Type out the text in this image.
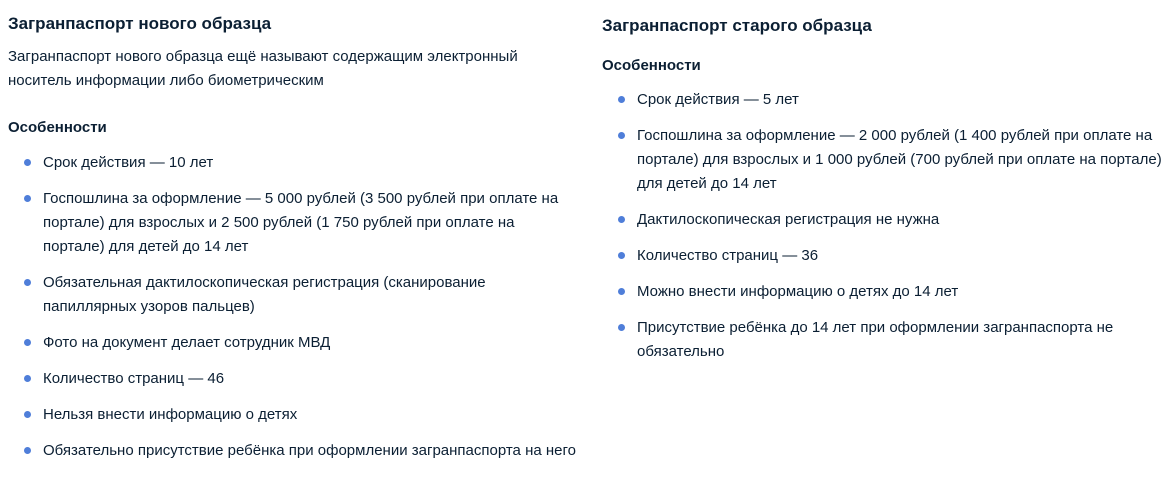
Загранпаспорт нового образца

Загранпаспорт нового образца ещё называют содержащим электронный носитель информации либо биометрическим

Особенности
Срок действия — 10 лет
Госпошлина за оформление — 5 000 рублей (3 500 рублей при оплате на портале) для взрослых и 2 500 рублей (1 750 рублей при оплате на портале) для детей до 14 лет
Обязательная дактилоскопическая регистрация (сканирование папиллярных узоров пальцев)
Фото на документ делает сотрудник МВД
Количество страниц — 46
Нельзя внести информацию о детях
Обязательно присутствие ребёнка при оформлении загранпаспорта на него
Загранпаспорт старого образца
Особенности
Срок действия — 5 лет
Госпошлина за оформление — 2 000 рублей (1 400 рублей при оплате на портале) для взрослых и 1 000 рублей (700 рублей при оплате на портале) для детей до 14 лет
Дактилоскопическая регистрация не нужна
Количество страниц — 36
Можно внести информацию о детях до 14 лет
Присутствие ребёнка до 14 лет при оформлении загранпаспорта не обязательно
